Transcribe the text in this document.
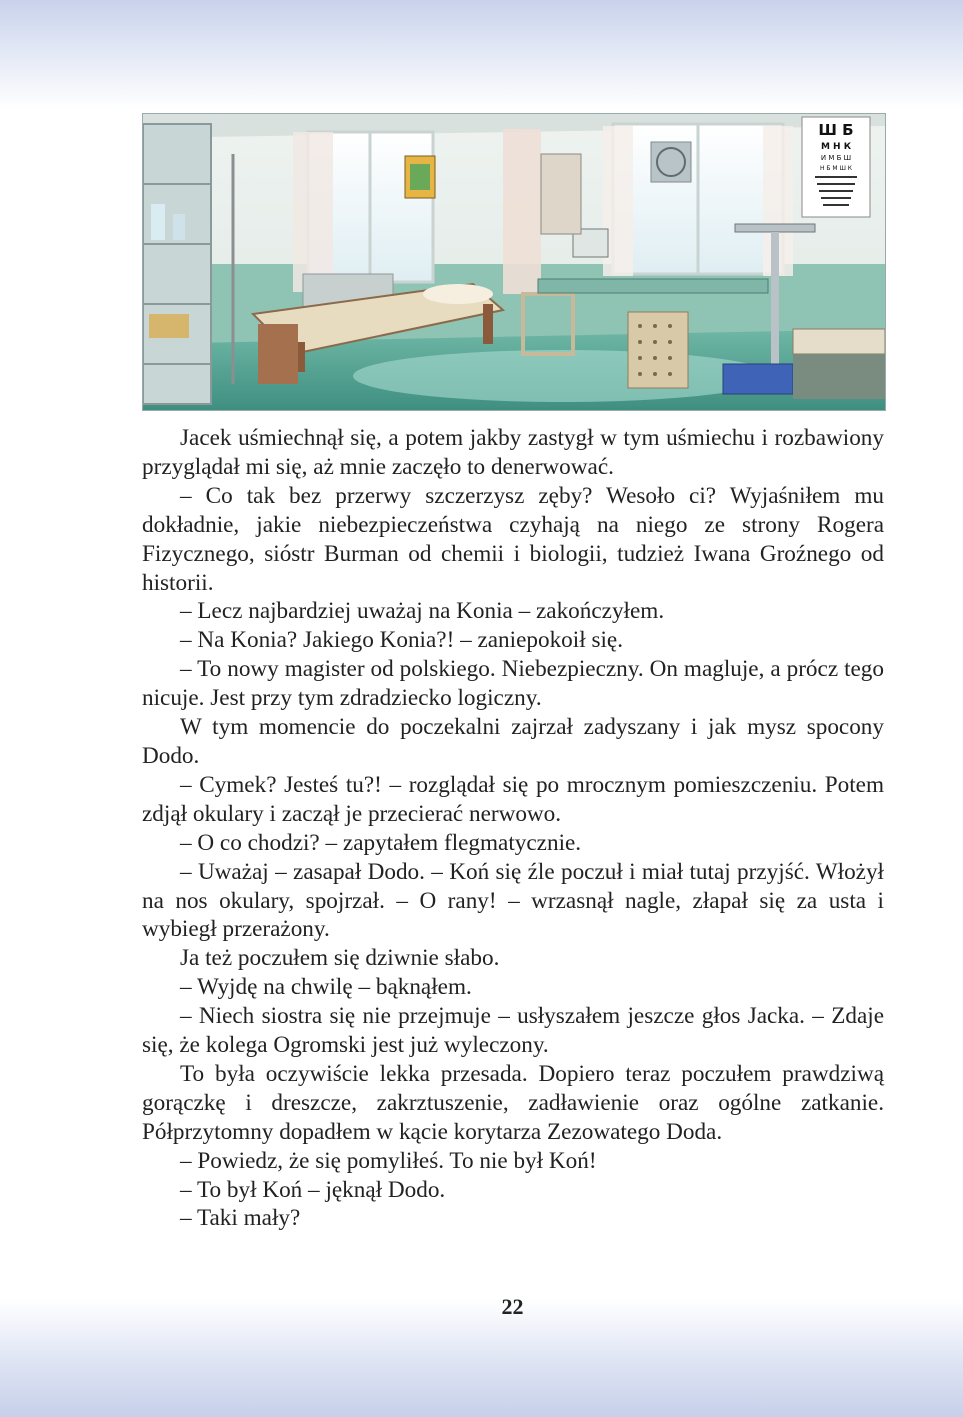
Ш Б
М Н К
И М Б Ш
Н Б М Ш К

Jacek uśmiechnął się, a potem jakby zastygł w tym uśmiechu i rozbawiony przyglądał mi się, aż mnie zaczęło to denerwować.

– Co tak bez przerwy szczerzysz zęby? Wesoło ci? Wyjaśniłem mu dokładnie, jakie niebezpieczeństwa czyhają na niego ze strony Rogera Fizycznego, sióstr Burman od chemii i biologii, tudzież Iwana Groźnego od historii.

– Lecz najbardziej uważaj na Konia – zakończyłem.

– Na Konia? Jakiego Konia?! – zaniepokoił się.

– To nowy magister od polskiego. Niebezpieczny. On magluje, a prócz tego nicuje. Jest przy tym zdradziecko logiczny.

W tym momencie do poczekalni zajrzał zadyszany i jak mysz spocony Dodo.

– Cymek? Jesteś tu?! – rozglądał się po mrocznym pomieszczeniu. Potem zdjął okulary i zaczął je przecierać nerwowo.

– O co chodzi? – zapytałem flegmatycznie.

– Uważaj – zasapał Dodo. – Koń się źle poczuł i miał tutaj przyjść. Włożył na nos okulary, spojrzał. – O rany! – wrzasnął nagle, złapał się za usta i wybiegł przerażony.

Ja też poczułem się dziwnie słabo.

– Wyjdę na chwilę – bąknąłem.

– Niech siostra się nie przejmuje – usłyszałem jeszcze głos Jacka. – Zdaje się, że kolega Ogromski jest już wyleczony.

To była oczywiście lekka przesada. Dopiero teraz poczułem prawdziwą gorączkę i dreszcze, zakrztuszenie, zadławienie oraz ogólne zatkanie. Półprzytomny dopadłem w kącie korytarza Zezowatego Doda.

– Powiedz, że się pomyliłeś. To nie był Koń!

– To był Koń – jęknął Dodo.

– Taki mały?

22
